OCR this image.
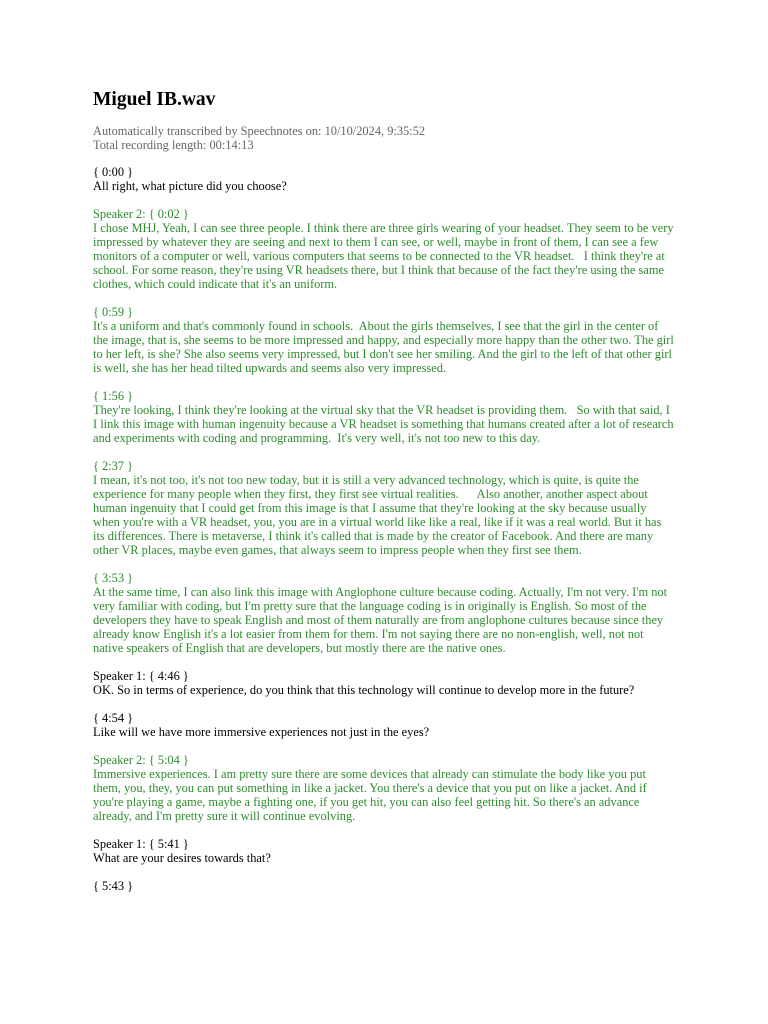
Miguel IB.wav
Automatically transcribed by Speechnotes on: 10/10/2024, 9:35:52
Total recording length: 00:14:13
{ 0:00 }
All right, what picture did you choose?
Speaker 2: { 0:02 }
I chose MHJ, Yeah, I can see three people. I think there are three girls wearing of your headset. They seem to be very impressed by whatever they are seeing and next to them I can see, or well, maybe in front of them, I can see a few monitors of a computer or well, various computers that seems to be connected to the VR headset.   I think they're at school. For some reason, they're using VR headsets there, but I think that because of the fact they're using the same clothes, which could indicate that it's an uniform.
{ 0:59 }
It's a uniform and that's commonly found in schools.  About the girls themselves, I see that the girl in the center of the image, that is, she seems to be more impressed and happy, and especially more happy than the other two. The girl to her left, is she? She also seems very impressed, but I don't see her smiling. And the girl to the left of that other girl is well, she has her head tilted upwards and seems also very impressed.
{ 1:56 }
They're looking, I think they're looking at the virtual sky that the VR headset is providing them.   So with that said, I I link this image with human ingenuity because a VR headset is something that humans created after a lot of research and experiments with coding and programming.  It's very well, it's not too new to this day.
{ 2:37 }
I mean, it's not too, it's not too new today, but it is still a very advanced technology, which is quite, is quite the experience for many people when they first, they first see virtual realities.      Also another, another aspect about human ingenuity that I could get from this image is that I assume that they're looking at the sky because usually when you're with a VR headset, you, you are in a virtual world like like a real, like if it was a real world. But it has its differences. There is metaverse, I think it's called that is made by the creator of Facebook. And there are many other VR places, maybe even games, that always seem to impress people when they first see them.
{ 3:53 }
At the same time, I can also link this image with Anglophone culture because coding. Actually, I'm not very. I'm not very familiar with coding, but I'm pretty sure that the language coding is in originally is English. So most of the developers they have to speak English and most of them naturally are from anglophone cultures because since they already know English it's a lot easier from them for them. I'm not saying there are no non-english, well, not not native speakers of English that are developers, but mostly there are the native ones.
Speaker 1: { 4:46 }
OK. So in terms of experience, do you think that this technology will continue to develop more in the future?
{ 4:54 }
Like will we have more immersive experiences not just in the eyes?
Speaker 2: { 5:04 }
Immersive experiences. I am pretty sure there are some devices that already can stimulate the body like you put them, you, they, you can put something in like a jacket. You there's a device that you put on like a jacket. And if you're playing a game, maybe a fighting one, if you get hit, you can also feel getting hit. So there's an advance already, and I'm pretty sure it will continue evolving.
Speaker 1: { 5:41 }
What are your desires towards that?
{ 5:43 }
